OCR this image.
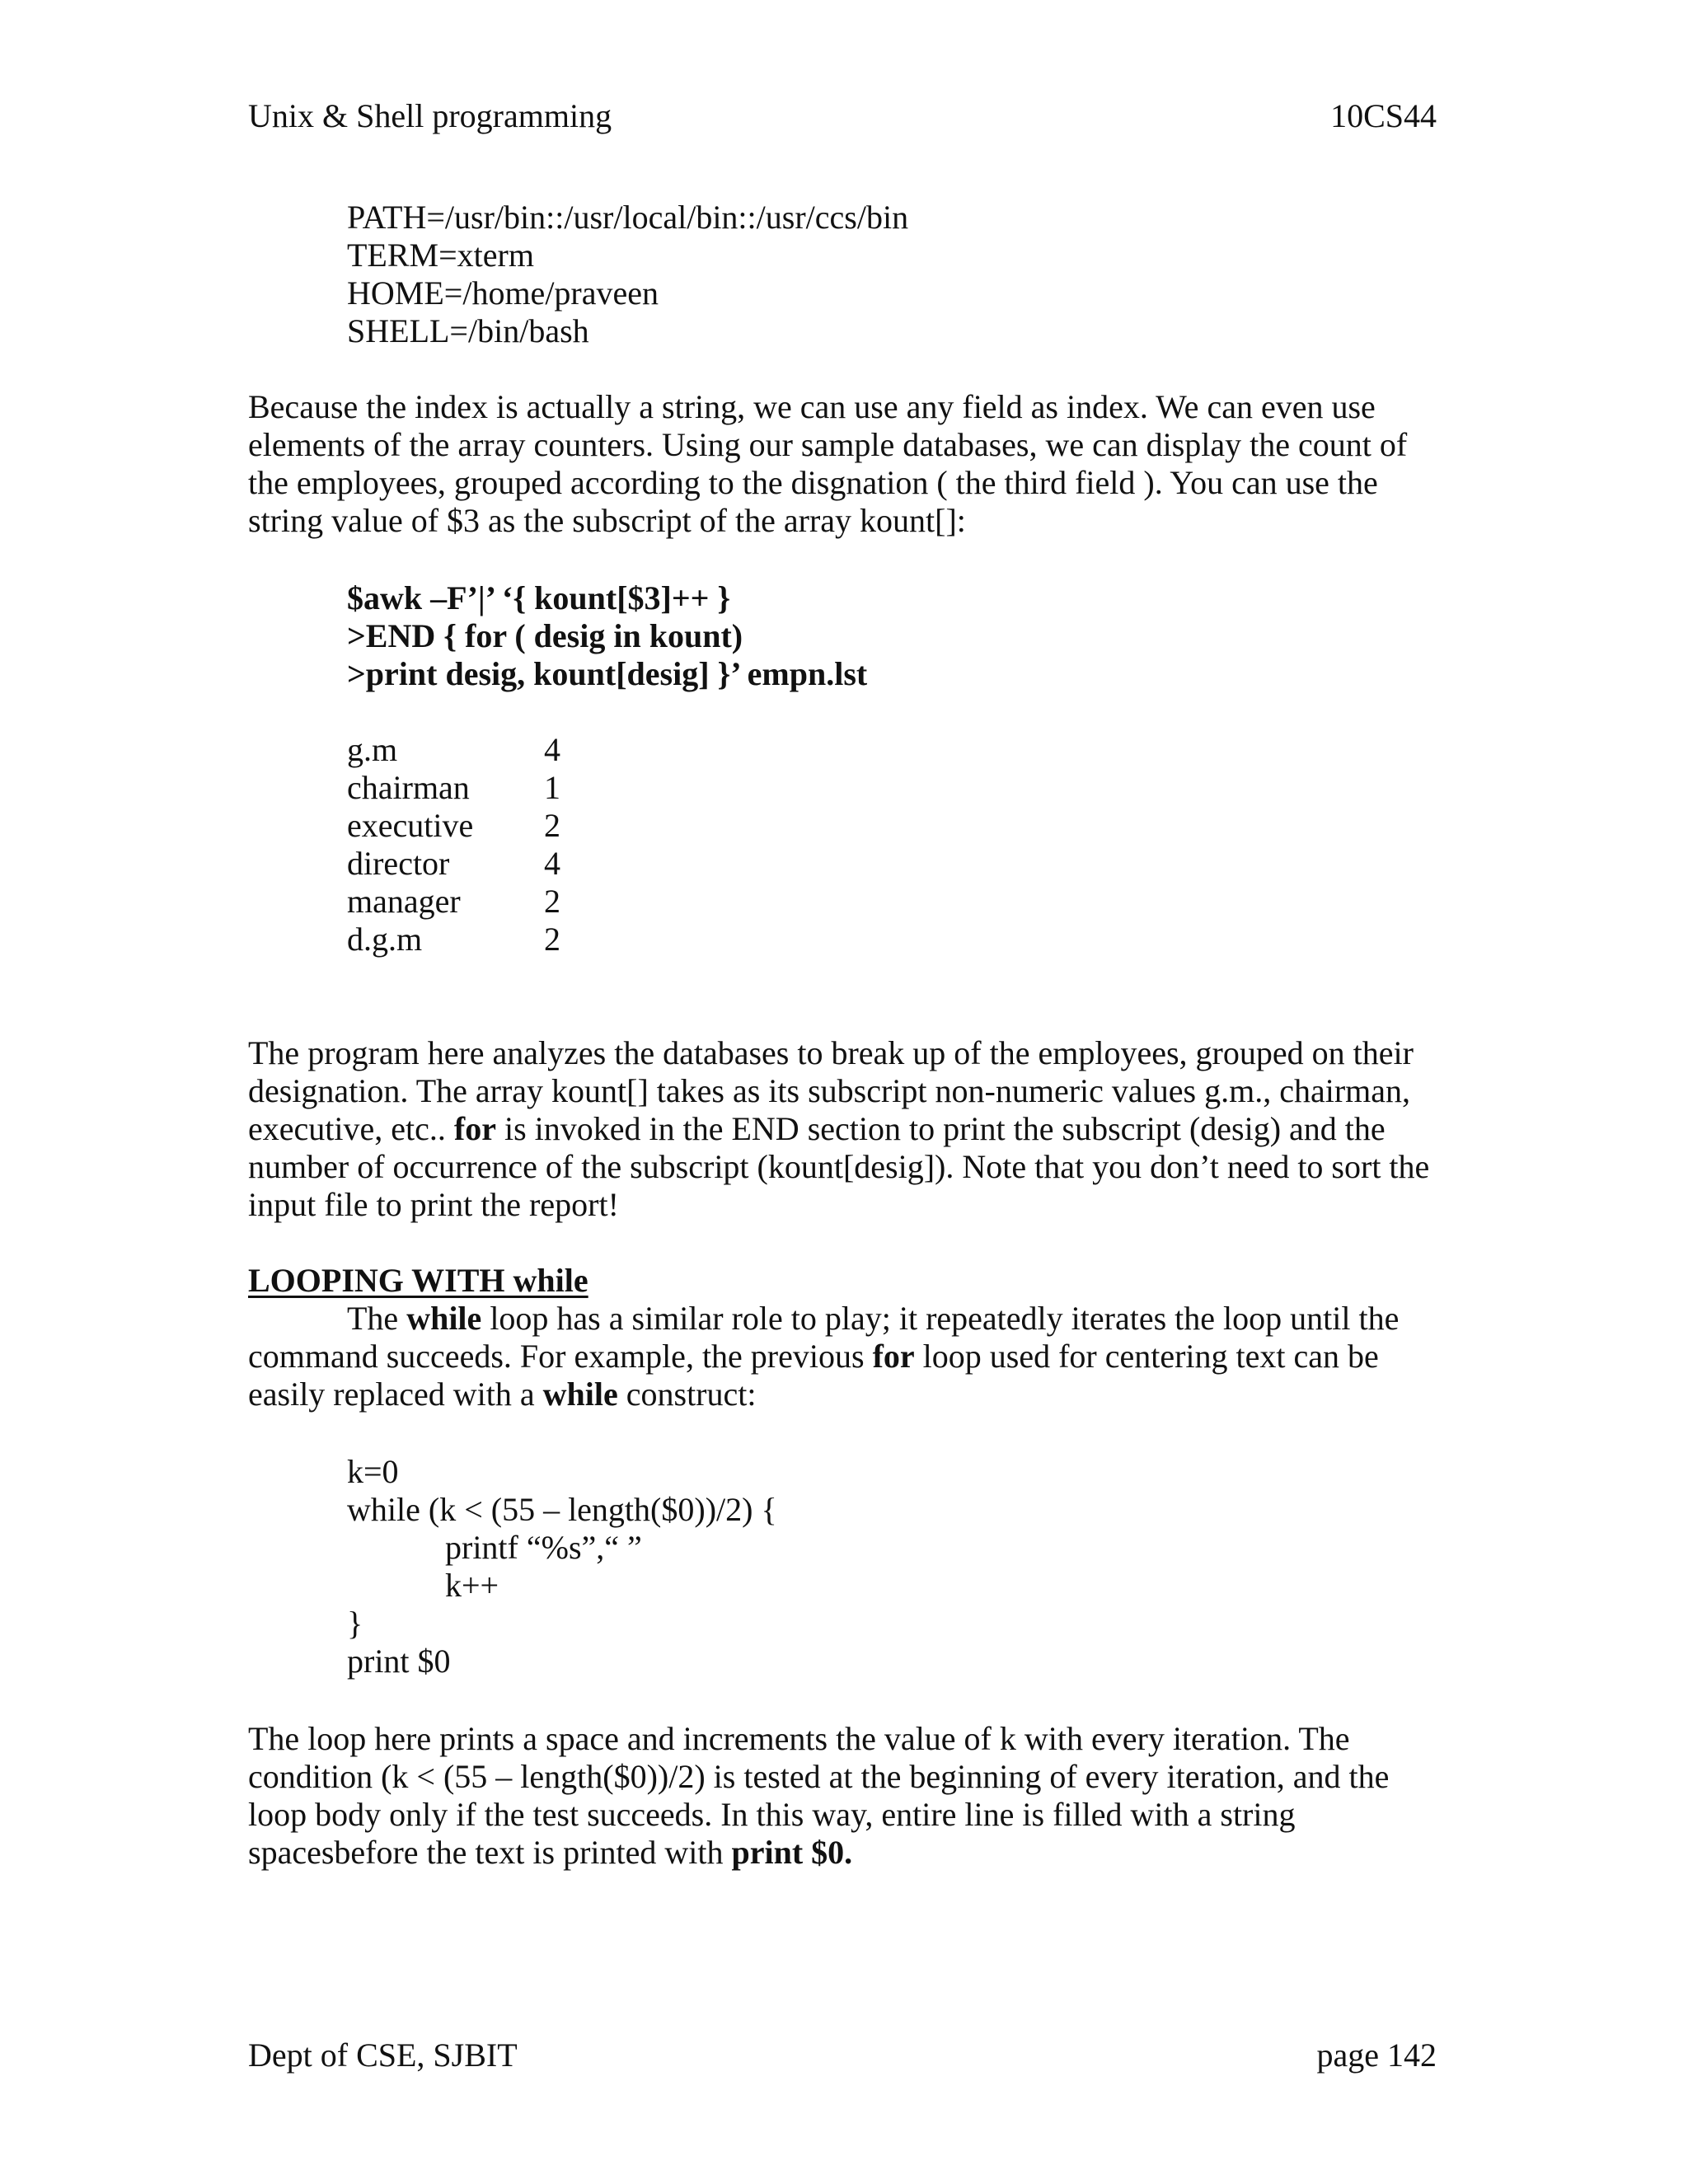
Unix & Shell programming	10CS44
PATH=/usr/bin::/usr/local/bin::/usr/ccs/bin
TERM=xterm
HOME=/home/praveen
SHELL=/bin/bash
Because the index is actually a string, we can use any field as index. We can even use
elements of the array counters. Using our sample databases, we can display the count of
the employees, grouped according to the disgnation ( the third field ). You can use the
string value of $3 as the subscript of the array kount[]:
$awk –F’|’ ‘{ kount[$3]++ }
>END { for ( desig in kount)
>print desig, kount[desig] }’ empn.lst
g.m	4
chairman 1
executive 2
director	4
manager	2
d.g.m	2
The program here analyzes the databases to break up of the employees, grouped on their
designation. The array kount[] takes as its subscript non-numeric values g.m., chairman,
executive, etc.. for is invoked in the END section to print the subscript (desig) and the
number of occurrence of the subscript (kount[desig]). Note that you don’t need to sort the
input file to print the report!
LOOPING WITH while
The while loop has a similar role to play; it repeatedly iterates the loop until the
command succeeds. For example, the previous for loop used for centering text can be
easily replaced with a while construct:
k=0
while (k < (55 – length($0))/2) {
printf “%s”,“ ”
k++
}
print $0
The loop here prints a space and increments the value of k with every iteration. The
condition (k < (55 – length($0))/2) is tested at the beginning of every iteration, and the
loop body only if the test succeeds. In this way, entire line is filled with a string
spacesbefore the text is printed with print $0.
Dept of CSE, SJBIT	page 142
